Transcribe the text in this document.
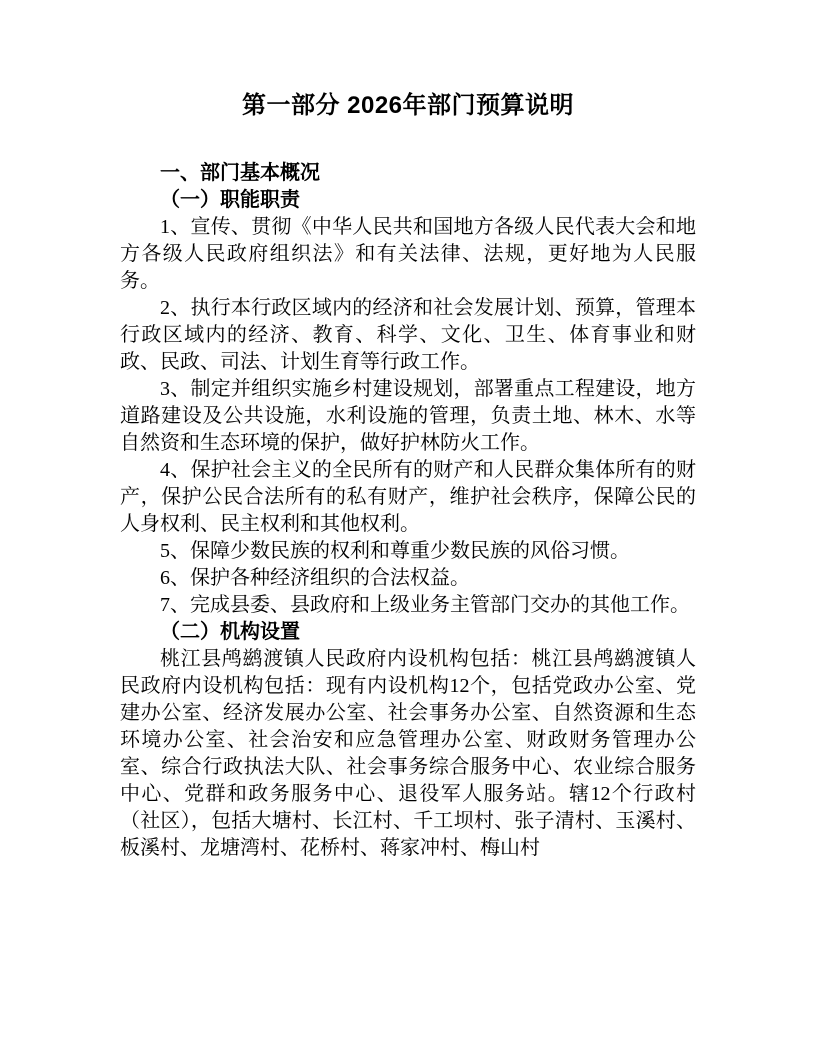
第一部分 2026年部门预算说明
一、部门基本概况
（一）职能职责

1、宣传、贯彻《中华人民共和国地方各级人民代表大会和地方各级人民政府组织法》和有关法律、法规，更好地为人民服务。

2、执行本行政区域内的经济和社会发展计划、预算，管理本行政区域内的经济、教育、科学、文化、卫生、体育事业和财政、民政、司法、计划生育等行政工作。

3、制定并组织实施乡村建设规划，部署重点工程建设，地方道路建设及公共设施，水利设施的管理，负责土地、林木、水等自然资和生态环境的保护，做好护林防火工作。

4、保护社会主义的全民所有的财产和人民群众集体所有的财产，保护公民合法所有的私有财产，维护社会秩序，保障公民的人身权利、民主权利和其他权利。

5、保障少数民族的权利和尊重少数民族的风俗习惯。

6、保护各种经济组织的合法权益。

7、完成县委、县政府和上级业务主管部门交办的其他工作。

（二）机构设置

桃江县鸬鹚渡镇人民政府内设机构包括：桃江县鸬鹚渡镇人民政府内设机构包括：现有内设机构12个，包括党政办公室、党建办公室、经济发展办公室、社会事务办公室、自然资源和生态环境办公室、社会治安和应急管理办公室、财政财务管理办公室、综合行政执法大队、社会事务综合服务中心、农业综合服务中心、党群和政务服务中心、退役军人服务站。辖12个行政村（社区），包括大塘村、长江村、千工坝村、张子清村、玉溪村、板溪村、龙塘湾村、花桥村、蒋家冲村、梅山村
